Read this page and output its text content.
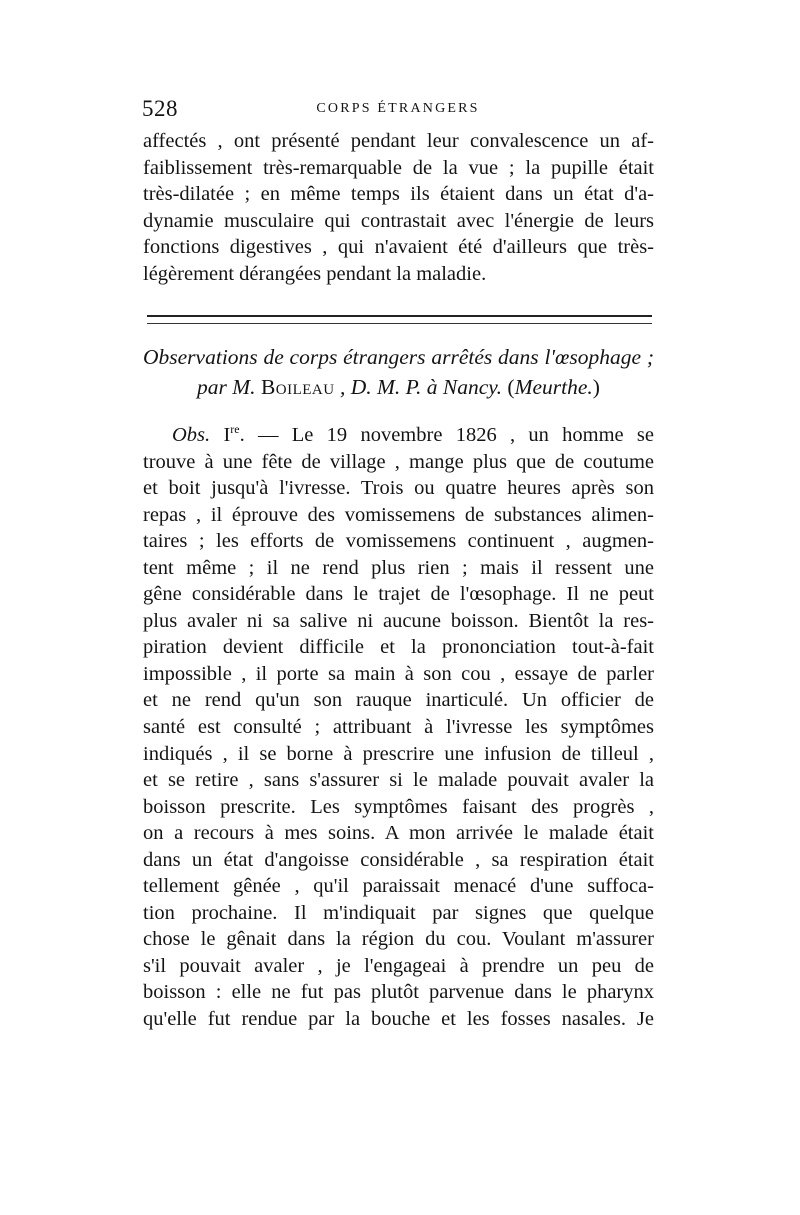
528	CORPS ÉTRANGERS
affectés , ont présenté pendant leur convalescence un af-
faiblissement très-remarquable de la vue ; la pupille était
très-dilatée ; en même temps ils étaient dans un état d'a-
dynamie musculaire qui contrastait avec l'énergie de leurs
fonctions digestives , qui n'avaient été d'ailleurs que très-
légèrement dérangées pendant la maladie.
Observations de corps étrangers arrêtés dans l'œsophage ;
par M. Boileau , D. M. P. à Nancy. (Meurthe.)
Obs. Ire. — Le 19 novembre 1826 , un homme se
trouve à une fête de village , mange plus que de coutume
et boit jusqu'à l'ivresse. Trois ou quatre heures après son
repas , il éprouve des vomissemens de substances alimen-
taires ; les efforts de vomissemens continuent , augmen-
tent même ; il ne rend plus rien ; mais il ressent une
gêne considérable dans le trajet de l'œsophage. Il ne peut
plus avaler ni sa salive ni aucune boisson. Bientôt la res-
piration devient difficile et la prononciation tout-à-fait
impossible , il porte sa main à son cou , essaye de parler
et ne rend qu'un son rauque inarticulé. Un officier de
santé est consulté ; attribuant à l'ivresse les symptômes
indiqués , il se borne à prescrire une infusion de tilleul ,
et se retire , sans s'assurer si le malade pouvait avaler la
boisson prescrite. Les symptômes faisant des progrès ,
on a recours à mes soins. A mon arrivée le malade était
dans un état d'angoisse considérable , sa respiration était
tellement gênée , qu'il paraissait menacé d'une suffoca-
tion prochaine. Il m'indiquait par signes que quelque
chose le gênait dans la région du cou. Voulant m'assurer
s'il pouvait avaler , je l'engageai à prendre un peu de
boisson : elle ne fut pas plutôt parvenue dans le pharynx
qu'elle fut rendue par la bouche et les fosses nasales. Je
